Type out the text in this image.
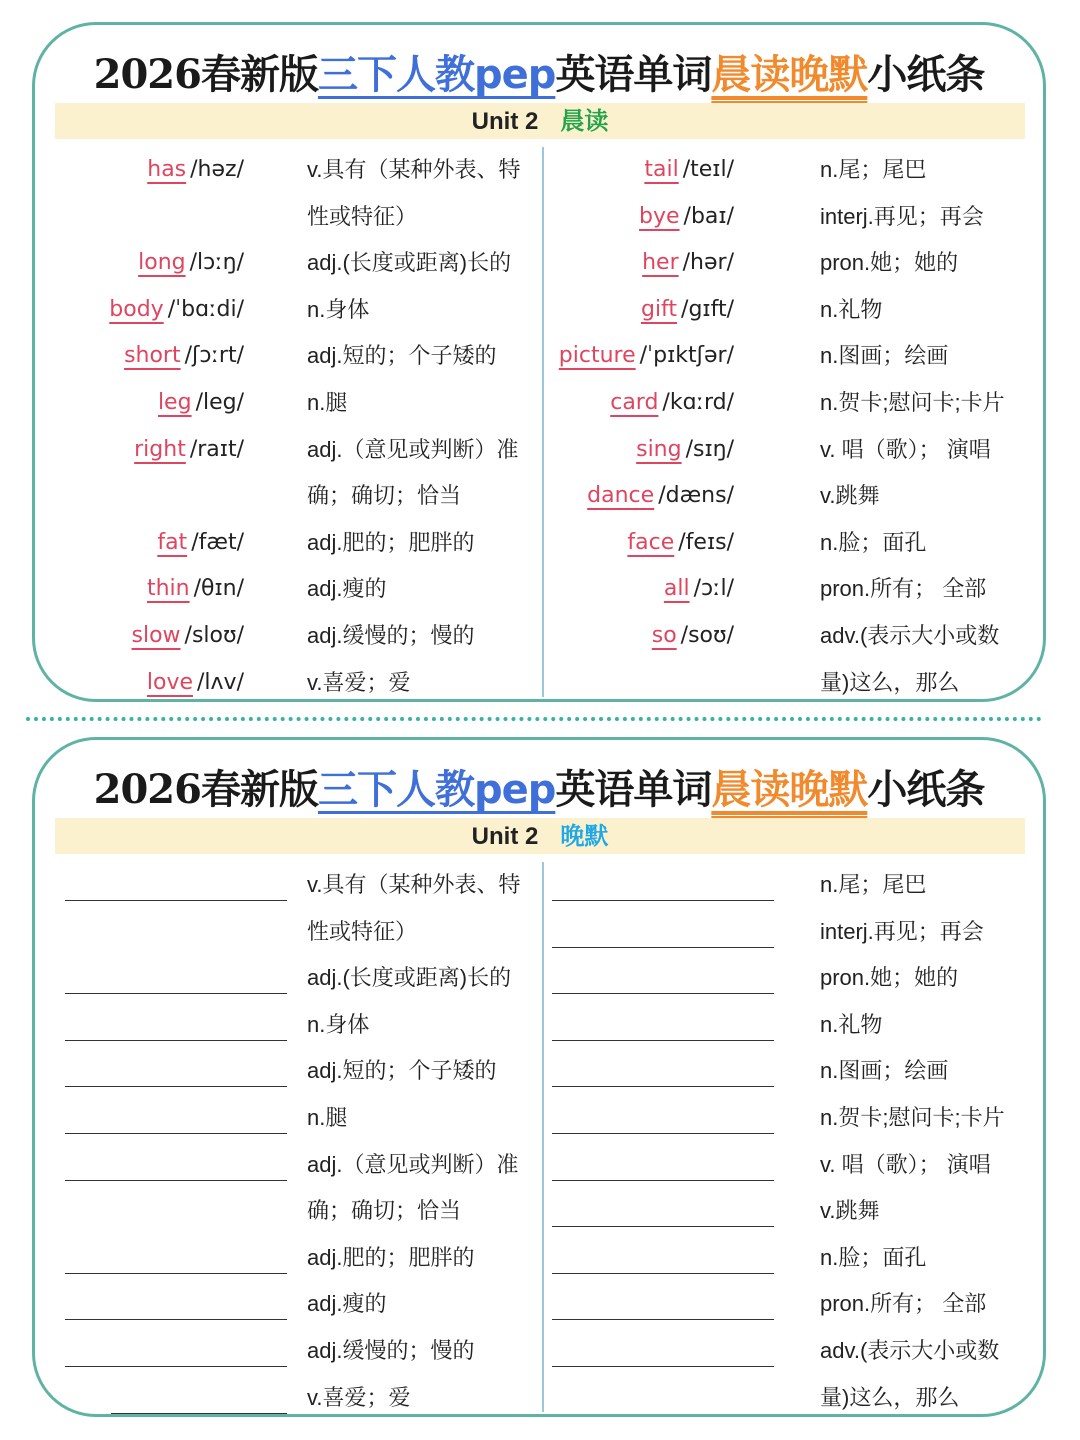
2026春新版三下人教pep英语单词晨读晚默小纸条
Unit 2 晨读
has /həz/	v.具有（某种外表、特
性或特征）
long /lɔːŋ/	adj.(长度或距离)长的
body /ˈbɑːdi/	n.身体
short /ʃɔːrt/	adj.短的；个子矮的
leg /leg/	n.腿
right /raɪt/	adj.（意见或判断）准
确；确切；恰当
fat /fæt/	adj.肥的；肥胖的
thin /θɪn/	adj.瘦的
slow /sloʊ/	adj.缓慢的；慢的
love /lʌv/	v.喜爱；爱
tail /teɪl/	n.尾；尾巴
bye /baɪ/	interj.再见；再会
her /hər/	pron.她；她的
gift /gɪft/	n.礼物
picture /ˈpɪktʃər/	n.图画；绘画
card /kɑːrd/	n.贺卡;慰问卡;卡片
sing /sɪŋ/	v. 唱（歌）； 演唱
dance /dæns/	v.跳舞
face /feɪs/	n.脸；面孔
all /ɔːl/	pron.所有； 全部
so /soʊ/	adv.(表示大小或数
量)这么，那么
2026春新版三下人教pep英语单词晨读晚默小纸条
Unit 2 晚默
v.具有（某种外表、特
性或特征）
adj.(长度或距离)长的
n.身体
adj.短的；个子矮的
n.腿
adj.（意见或判断）准
确；确切；恰当
adj.肥的；肥胖的
adj.瘦的
adj.缓慢的；慢的
v.喜爱；爱
n.尾；尾巴
interj.再见；再会
pron.她；她的
n.礼物
n.图画；绘画
n.贺卡;慰问卡;卡片
v. 唱（歌）； 演唱
v.跳舞
n.脸；面孔
pron.所有； 全部
adv.(表示大小或数
量)这么，那么
